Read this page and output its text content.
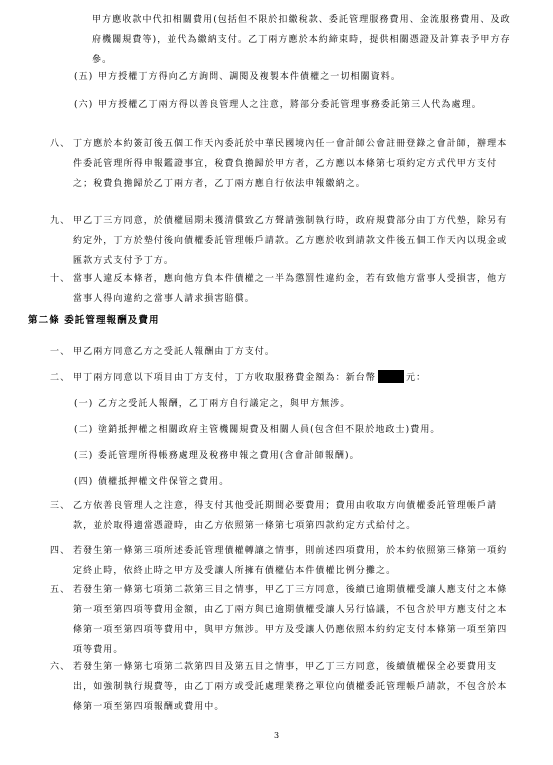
甲方應收款中代扣相關費用(包括但不限於扣繳稅款、委託管理服務費用、金流服務費用、及政府機關規費等)，並代為繳納支付。乙丁兩方應於本約締束時，提供相關憑證及計算表予甲方存參。
(五) 甲方授權丁方得向乙方詢問、調閱及複製本件債權之一切相關資料。
(六) 甲方授權乙丁兩方得以善良管理人之注意，將部分委託管理事務委託第三人代為處理。
八、 丁方應於本約簽訂後五個工作天內委託於中華民國境內任一會計師公會註冊登錄之會計師，辦理本件委託管理所得申報鑑證事宜，稅費負擔歸於甲方者，乙方應以本條第七項約定方式代甲方支付之；稅費負擔歸於乙丁兩方者，乙丁兩方應自行依法申報繳納之。
九、 甲乙丁三方同意，於債權屆期未獲清償致乙方聲請強制執行時，政府規費部分由丁方代墊，除另有約定外，丁方於墊付後向債權委託管理帳戶請款。乙方應於收到請款文件後五個工作天內以現金或匯款方式支付予丁方。
十、 當事人違反本條者，應向他方負本件債權之一半為懲罰性違約金，若有致他方當事人受損害，他方當事人得向違約之當事人請求損害賠償。
第二條 委託管理報酬及費用
一、 甲乙兩方同意乙方之受託人報酬由丁方支付。
二、 甲丁兩方同意以下項目由丁方支付，丁方收取服務費金額為：新台幣	元：
(一) 乙方之受託人報酬，乙丁兩方自行議定之，與甲方無涉。
(二) 塗銷抵押權之相關政府主管機關規費及相關人員(包含但不限於地政士)費用。
(三) 委託管理所得帳務處理及稅務申報之費用(含會計師報酬)。
(四) 債權抵押權文件保管之費用。
三、 乙方依善良管理人之注意，得支付其他受託期間必要費用；費用由收取方向債權委託管理帳戶請款，並於取得適當憑證時，由乙方依照第一條第七項第四款約定方式給付之。
四、 若發生第一條第三項所述委託管理債權轉讓之情事，則前述四項費用，於本約依照第三條第一項約定終止時，依終止時之甲方及受讓人所擁有債權佔本件債權比例分攤之。
五、 若發生第一條第七項第二款第三目之情事，甲乙丁三方同意，後續已逾期債權受讓人應支付之本條第一項至第四項等費用金額，由乙丁兩方與已逾期債權受讓人另行協議，不包含於甲方應支付之本條第一項至第四項等費用中，與甲方無涉。甲方及受讓人仍應依照本約約定支付本條第一項至第四項等費用。
六、 若發生第一條第七項第二款第四目及第五目之情事，甲乙丁三方同意，後續債權保全必要費用支出，如強制執行規費等，由乙丁兩方或受託處理業務之單位向債權委託管理帳戶請款，不包含於本條第一項至第四項報酬或費用中。
3
